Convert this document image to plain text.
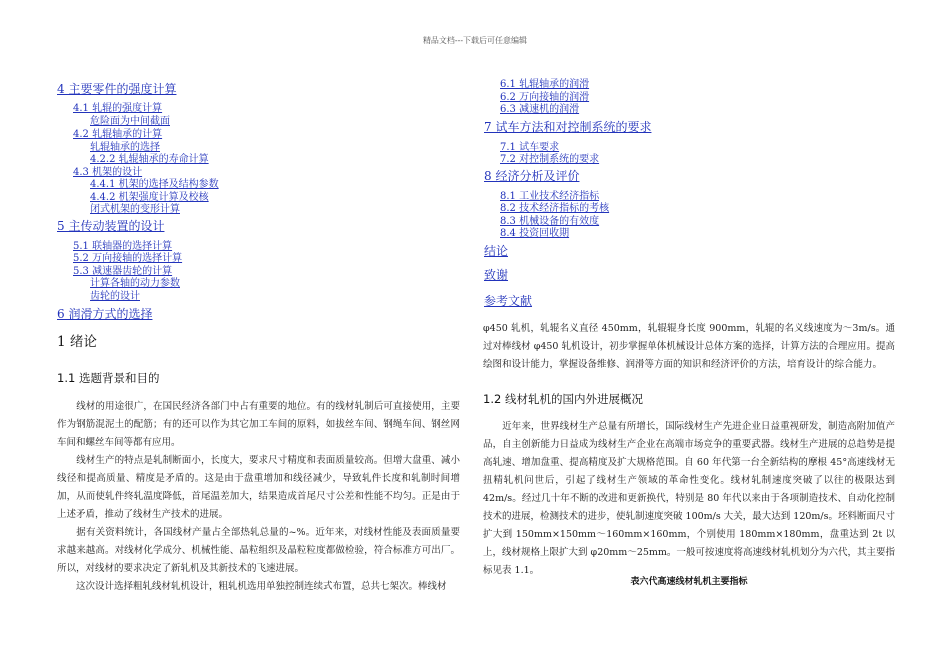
精品文档---下载后可任意编辑
4 主要零件的强度计算
4.1 轧辊的强度计算
危险面为中间截面
4.2 轧辊轴承的计算
轧辊轴承的选择
4.2.2 轧辊轴承的寿命计算
4.3 机架的设计
4.4.1 机架的选择及结构参数
4.4.2 机架强度计算及校核
闭式机架的变形计算
5 主传动装置的设计
5.1 联轴器的选择计算
5.2 万向接轴的选择计算
5.3 减速器齿轮的计算
计算各轴的动力参数
齿轮的设计
6 润滑方式的选择
6.1 轧辊轴承的润滑
6.2 万向接轴的润滑
6.3 减速机的润滑
7 试车方法和对控制系统的要求
7.1 试车要求
7.2 对控制系统的要求
8 经济分析及评价
8.1 工业技术经济指标
8.2 技术经济指标的考核
8.3 机械设备的有效度
8.4 投资回收期
结论
致谢
参考文献
1 绪论
1.1 选题背景和目的

　　线材的用途很广，在国民经济各部门中占有重要的地位。有的线材轧制后可直接使用，主要作为钢筋混泥土的配筋；有的还可以作为其它加工车间的原料，如拔丝车间、钢绳车间、钢丝网车间和螺丝车间等都有应用。

　　线材生产的特点是轧制断面小，长度大，要求尺寸精度和表面质量较高。但增大盘重、减小线径和提高质量、精度是矛盾的。这是由于盘重增加和线径减少，导致轧件长度和轧制时间增加，从而使轧件终轧温度降低，首尾温差加大，结果造成首尾尺寸公差和性能不均匀。正是由于上述矛盾，推动了线材生产技术的进展。

　　据有关资料统计，各国线材产量占全部热轧总量的~%。近年来，对线材性能及表面质量要求越来越高。对线材化学成分、机械性能、晶粒组织及晶粒粒度都做检验，符合标准方可出厂。所以，对线材的要求决定了新轧机及其新技术的飞速进展。

　　这次设计选择粗轧线材轧机设计，粗轧机选用单独控制连续式布置，总共七架次。棒线材

φ450 轧机，轧辊名义直径 450mm，轧辊辊身长度 900mm，轧辊的名义线速度为～3m/s。通过对棒线材 φ450 轧机设计，初步掌握单体机械设计总体方案的选择，计算方法的合理应用。提高绘图和设计能力，掌握设备维修、润滑等方面的知识和经济评价的方法，培育设计的综合能力。

1.2 线材轧机的国内外进展概况

　　近年来，世界线材生产总量有所增长，国际线材生产先进企业日益重视研发，制造高附加值产品，自主创新能力日益成为线材生产企业在高端市场竞争的重要武器。线材生产进展的总趋势是提高轧速、增加盘重、提高精度及扩大规格范围。自 60 年代第一台全新结构的摩根 45°高速线材无扭精轧机问世后，引起了线材生产领域的革命性变化。线材轧制速度突破了以往的极限达到 42m/s。经过几十年不断的改进和更新换代，特别是 80 年代以来由于各项制造技术、自动化控制技术的进展，检测技术的进步，使轧制速度突破 100m/s 大关，最大达到 120m/s。坯料断面尺寸扩大到 150mm×150mm～160mm×160mm，个别使用 180mm×180mm，盘重达到 2t 以上，线材规格上限扩大到 φ20mm～25mm。一般可按速度将高速线材轧机划分为六代，其主要指标见表 1.1。

表六代高速线材轧机主要指标
